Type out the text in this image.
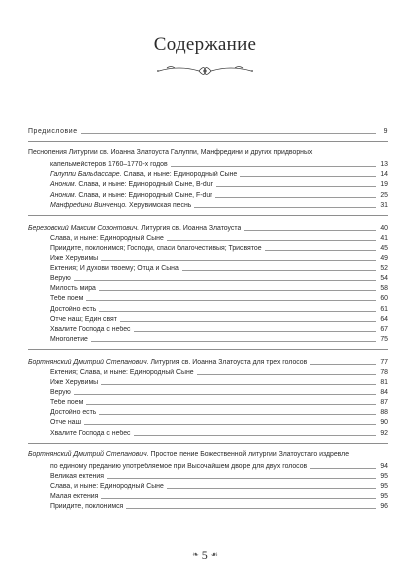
Содержание
Предисловие	9
Песнопения Литургии св. Иоанна Златоуста Галуппи, Манфредини и других придворных
капельмейстеров 1760–1770-х годов	13
Галуппи Бальдассаре. Слава, и ныне: Единородный Сыне	14
Аноним. Слава, и ныне: Единородный Сыне, B-dur	19
Аноним. Слава, и ныне: Единородный Сыне, F-dur	25
Манфредини Винченцо. Херувимская песнь	31
Березовский Максим Созонтович. Литургия св. Иоанна Златоуста	40
Слава, и ныне: Единородный Сыне	41
Приидите, поклонимся; Господи, спаси благочестивыя; Трисвятое	45
Иже Херувимы	49
Ектения; И духови твоему; Отца и Сына	52
Верую	54
Милость мира	58
Тебе поем	60
Достойно есть	61
Отче наш; Един свят	64
Хвалите Господа с небес	67
Многолетие	75
Бортнянский Дмитрий Степанович. Литургия св. Иоанна Златоуста для трех голосов	77
Ектения; Слава, и ныне: Единородный Сыне	78
Иже Херувимы	81
Верую	84
Тебе поем	87
Достойно есть	88
Отче наш	90
Хвалите Господа с небес	92
Бортнянский Дмитрий Степанович. Простое пение Божественной литургии Златоустаго издревле
по единому преданию употребляемое при Высочайшем дворе для двух голосов	94
Великая ектения	95
Слава, и ныне: Единородный Сыне	95
Малая ектения	95
Приидите, поклонимся	96
❧ 5 ☙
